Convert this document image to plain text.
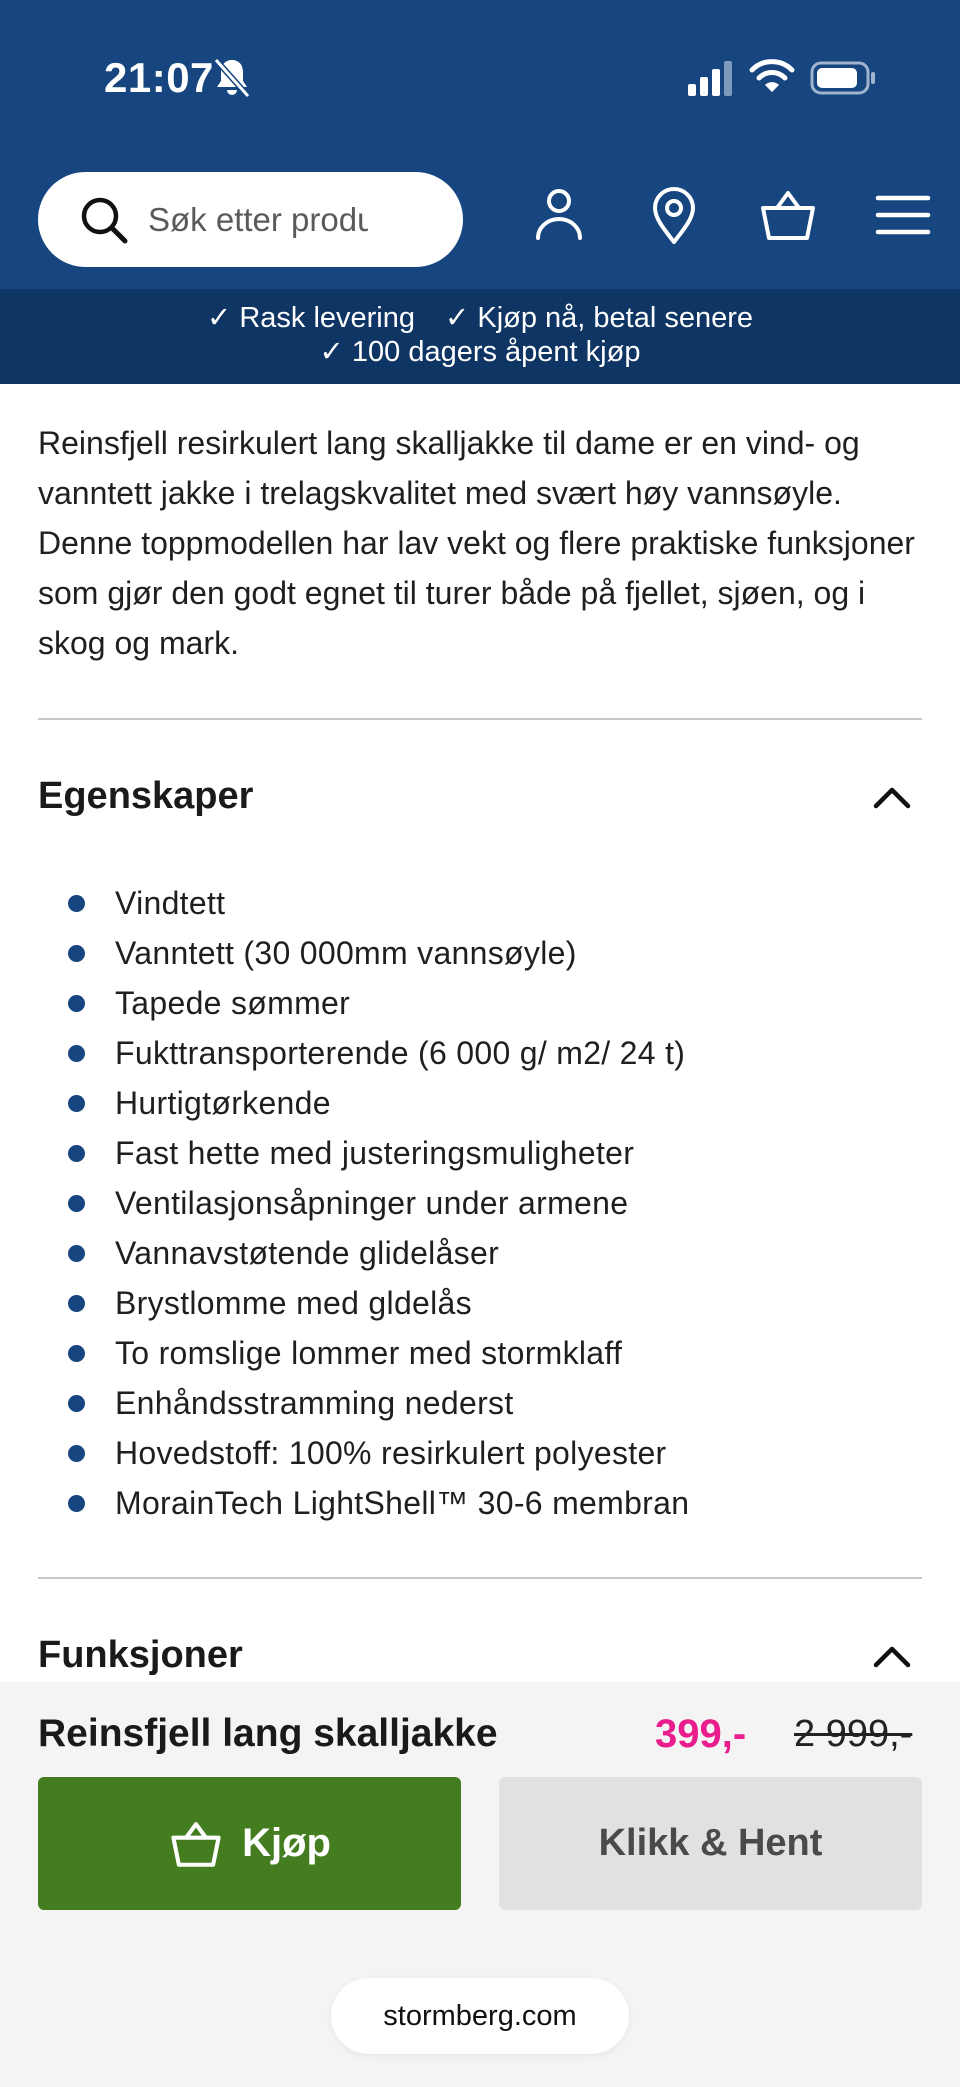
21:07
Søk etter produkter
✓ Rask levering
✓	Kjøp nå, betal senere
✓ 100 dagers åpent kjøp
Reinsfjell resirkulert lang skalljakke til dame er en vind- og vanntett jakke i trelagskvalitet med svært høy vannsøyle. Denne toppmodellen har lav vekt og flere praktiske funksjoner som gjør den godt egnet til turer både på fjellet, sjøen, og i skog og mark.
Egenskaper
Vindtett
Vanntett (30 000mm vannsøyle)
Tapede sømmer
Fukttransporterende (6 000 g/ m2/ 24 t)
Hurtigtørkende
Fast hette med justeringsmuligheter
Ventilasjonsåpninger under armene
Vannavstøtende glidelåser
Brystlomme med gldelås
To romslige lommer med stormklaff
Enhåndsstramming nederst
Hovedstoff: 100% resirkulert polyester
MorainTech LightShell™ 30-6 membran
Funksjoner
Reinsfjell lang skalljakke	399,- 2 999,-
Kjøp	Klikk & Hent
stormberg.com
